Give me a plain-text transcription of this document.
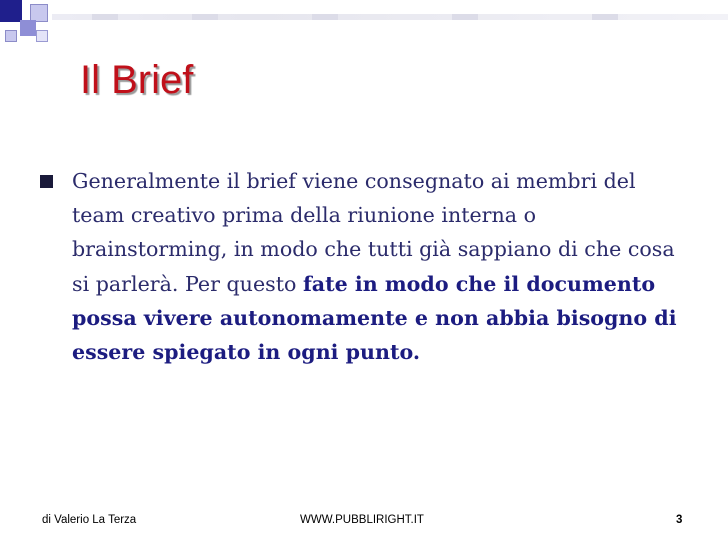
Il Brief

Generalmente il brief viene consegnato ai membri del team creativo prima della riunione interna o brainstorming, in modo che tutti già sappiano di che cosa si parlerà. Per questo fate in modo che il documento possa vivere autonomamente e non abbia bisogno di essere spiegato in ogni punto.

di Valerio La Terza	WWW.PUBBLIRIGHT.IT	3
